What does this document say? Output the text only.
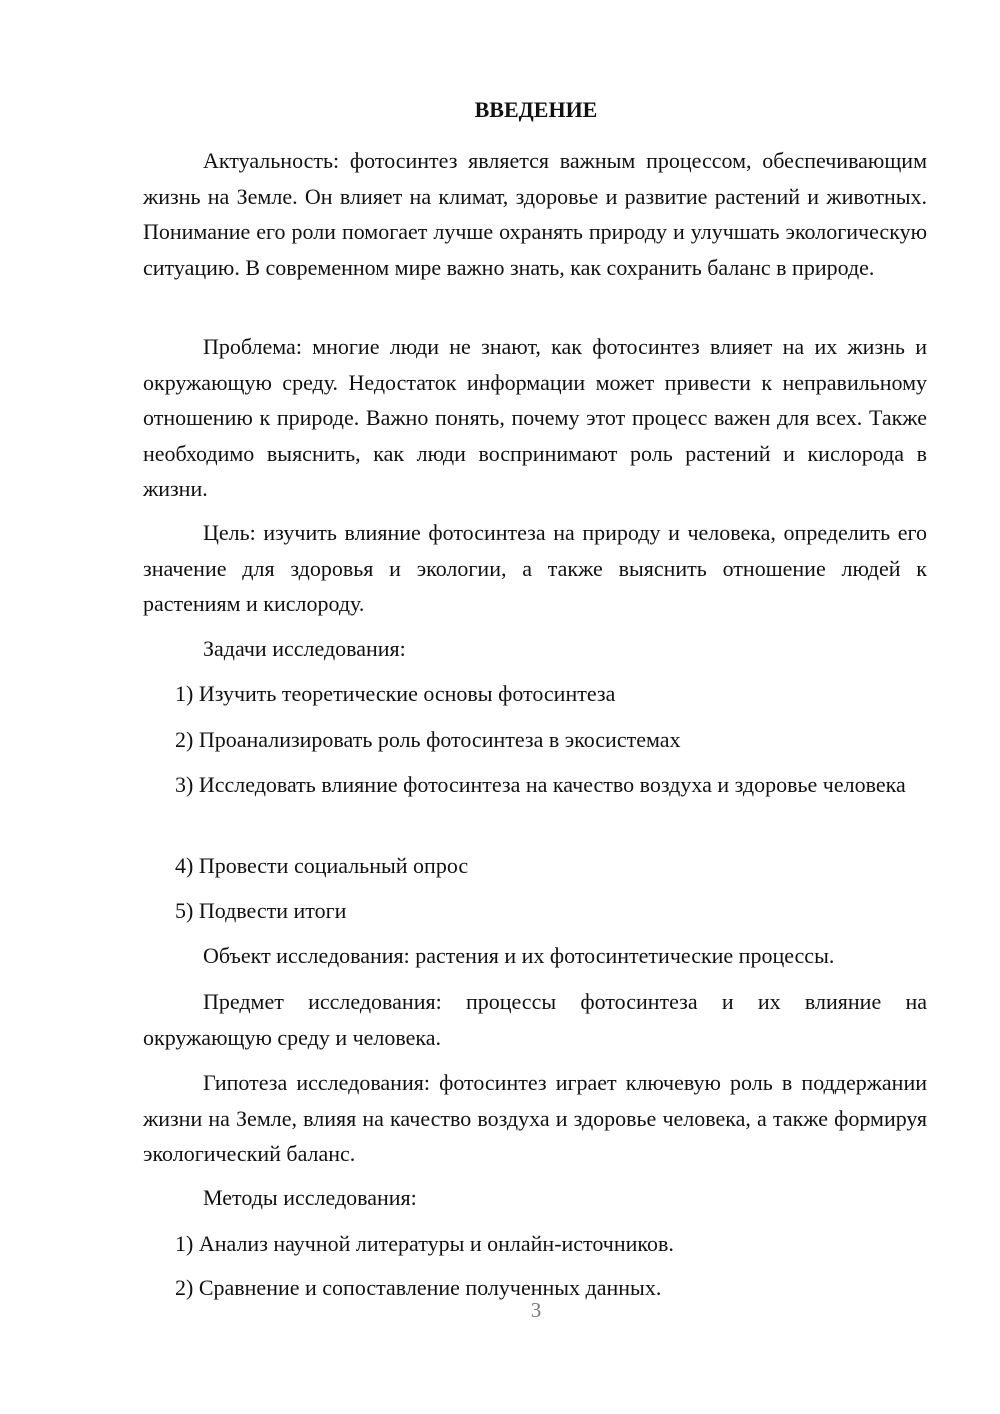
ВВЕДЕНИЕ
Актуальность: фотосинтез является важным процессом, обеспечивающим жизнь на Земле. Он влияет на климат, здоровье и развитие растений и животных. Понимание его роли помогает лучше охранять природу и улучшать экологическую ситуацию. В современном мире важно знать, как сохранить баланс в природе.
Проблема: многие люди не знают, как фотосинтез влияет на их жизнь и окружающую среду. Недостаток информации может привести к неправильному отношению к природе. Важно понять, почему этот процесс важен для всех. Также необходимо выяснить, как люди воспринимают роль растений и кислорода в жизни.
Цель: изучить влияние фотосинтеза на природу и человека, определить его значение для здоровья и экологии, а также выяснить отношение людей к растениям и кислороду.
Задачи исследования:
1) Изучить теоретические основы фотосинтеза
2) Проанализировать роль фотосинтеза в экосистемах
3) Исследовать влияние фотосинтеза на качество воздуха и здоровье человека
4) Провести социальный опрос
5) Подвести итоги
Объект исследования: растения и их фотосинтетические процессы.
Предмет исследования: процессы фотосинтеза и их влияние на окружающую среду и человека.
Гипотеза исследования: фотосинтез играет ключевую роль в поддержании жизни на Земле, влияя на качество воздуха и здоровье человека, а также формируя экологический баланс.
Методы исследования:
1) Анализ научной литературы и онлайн-источников.
2) Сравнение и сопоставление полученных данных.
3
